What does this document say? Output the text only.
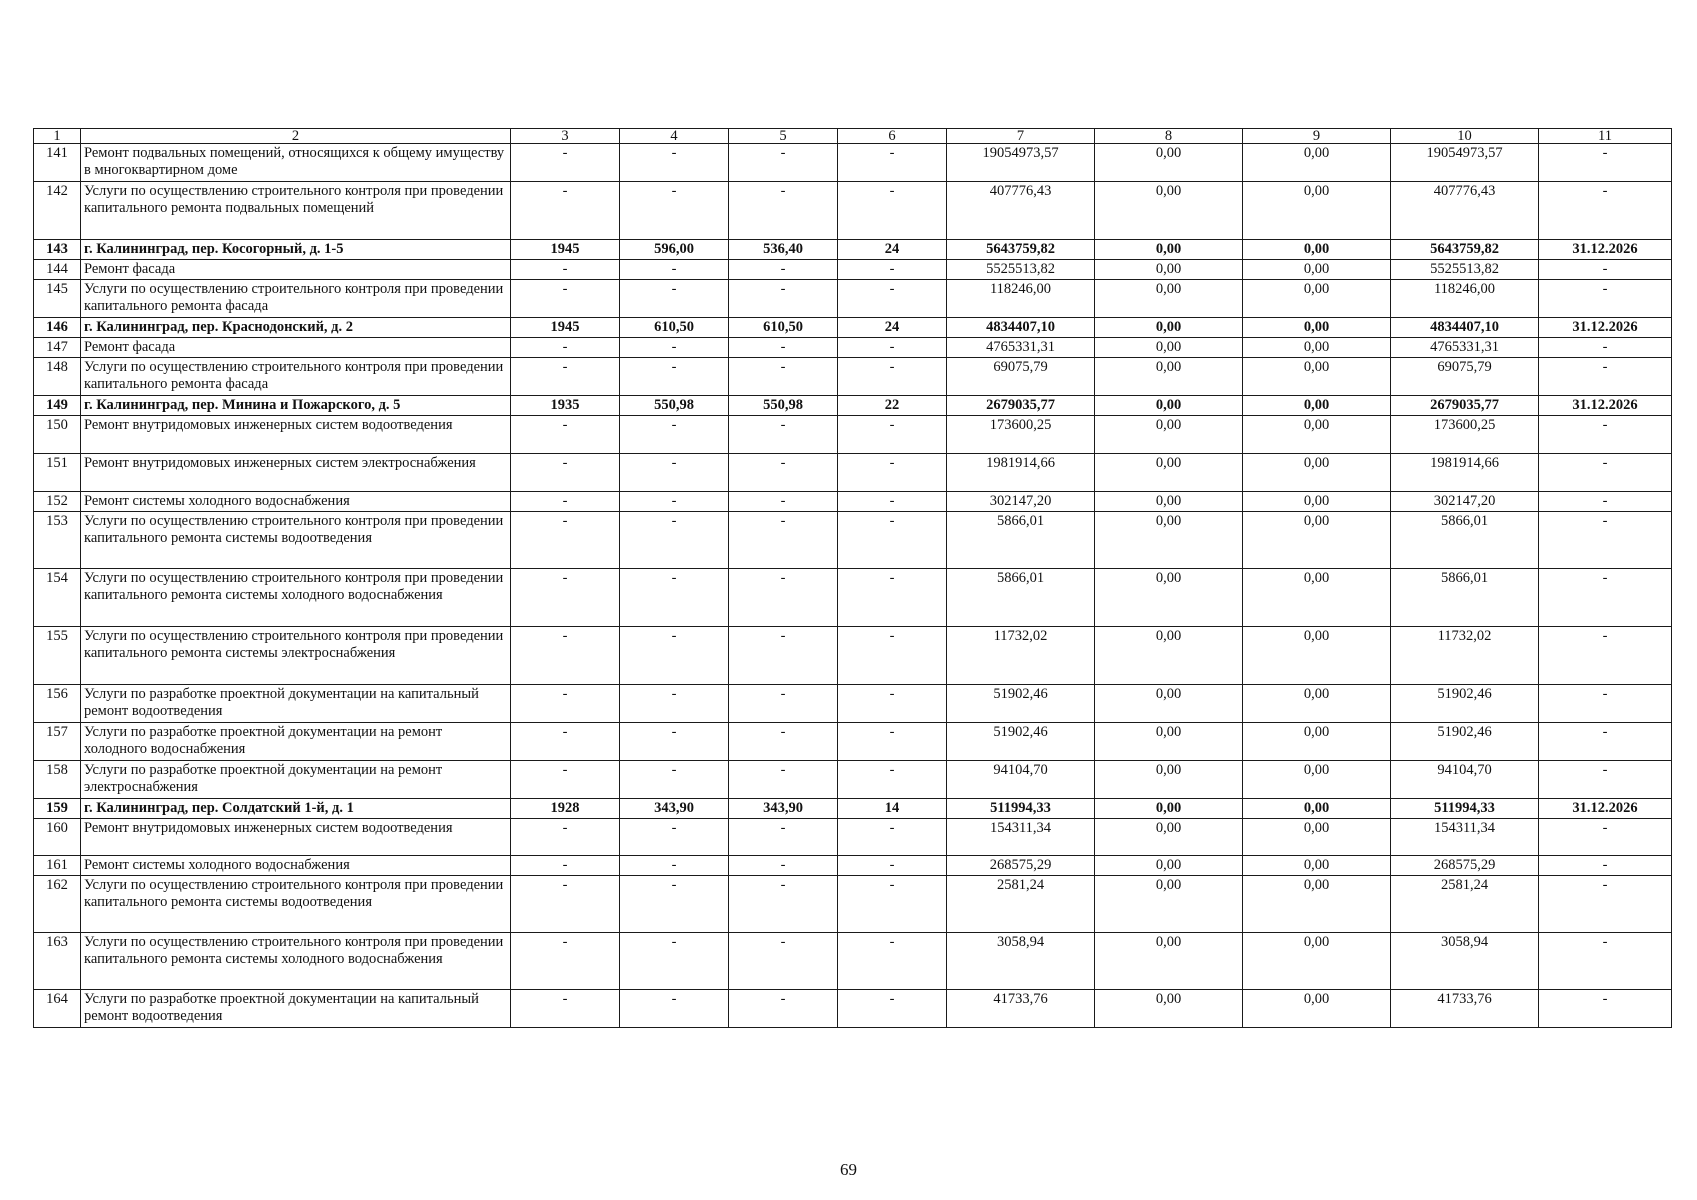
1	2	3	4	5	6	7	8	9	10	11
141	Ремонт подвальных помещений, относящихся к общему имуществу в многоквартирном доме	-	-	-	-	19054973,57	0,00	0,00	19054973,57	-
142	Услуги по осуществлению строительного контроля при проведении капитального ремонта подвальных помещений	-	-	-	-	407776,43	0,00	0,00	407776,43	-
143	г. Калининград, пер. Косогорный, д. 1-5	1945	596,00	536,40	24	5643759,82	0,00	0,00	5643759,82	31.12.2026
144	Ремонт фасада	-	-	-	-	5525513,82	0,00	0,00	5525513,82	-
145	Услуги по осуществлению строительного контроля при проведении капитального ремонта фасада	-	-	-	-	118246,00	0,00	0,00	118246,00	-
146	г. Калининград, пер. Краснодонский, д. 2	1945	610,50	610,50	24	4834407,10	0,00	0,00	4834407,10	31.12.2026
147	Ремонт фасада	-	-	-	-	4765331,31	0,00	0,00	4765331,31	-
148	Услуги по осуществлению строительного контроля при проведении капитального ремонта фасада	-	-	-	-	69075,79	0,00	0,00	69075,79	-
149	г. Калининград, пер. Минина и Пожарского, д. 5	1935	550,98	550,98	22	2679035,77	0,00	0,00	2679035,77	31.12.2026
150	Ремонт внутридомовых инженерных систем водоотведения	-	-	-	-	173600,25	0,00	0,00	173600,25	-
151	Ремонт внутридомовых инженерных систем электроснабжения	-	-	-	-	1981914,66	0,00	0,00	1981914,66	-
152	Ремонт системы холодного водоснабжения	-	-	-	-	302147,20	0,00	0,00	302147,20	-
153	Услуги по осуществлению строительного контроля при проведении капитального ремонта системы водоотведения	-	-	-	-	5866,01	0,00	0,00	5866,01	-
154	Услуги по осуществлению строительного контроля при проведении капитального ремонта системы холодного водоснабжения	-	-	-	-	5866,01	0,00	0,00	5866,01	-
155	Услуги по осуществлению строительного контроля при проведении капитального ремонта системы электроснабжения	-	-	-	-	11732,02	0,00	0,00	11732,02	-
156	Услуги по разработке проектной документации на капитальный ремонт водоотведения	-	-	-	-	51902,46	0,00	0,00	51902,46	-
157	Услуги по разработке проектной документации на ремонт холодного водоснабжения	-	-	-	-	51902,46	0,00	0,00	51902,46	-
158	Услуги по разработке проектной документации на ремонт электроснабжения	-	-	-	-	94104,70	0,00	0,00	94104,70	-
159	г. Калининград, пер. Солдатский 1-й, д. 1	1928	343,90	343,90	14	511994,33	0,00	0,00	511994,33	31.12.2026
160	Ремонт внутридомовых инженерных систем водоотведения	-	-	-	-	154311,34	0,00	0,00	154311,34	-
161	Ремонт системы холодного водоснабжения	-	-	-	-	268575,29	0,00	0,00	268575,29	-
162	Услуги по осуществлению строительного контроля при проведении капитального ремонта системы водоотведения	-	-	-	-	2581,24	0,00	0,00	2581,24	-
163	Услуги по осуществлению строительного контроля при проведении капитального ремонта системы холодного водоснабжения	-	-	-	-	3058,94	0,00	0,00	3058,94	-
164	Услуги по разработке проектной документации на капитальный ремонт водоотведения	-	-	-	-	41733,76	0,00	0,00	41733,76	-
69
